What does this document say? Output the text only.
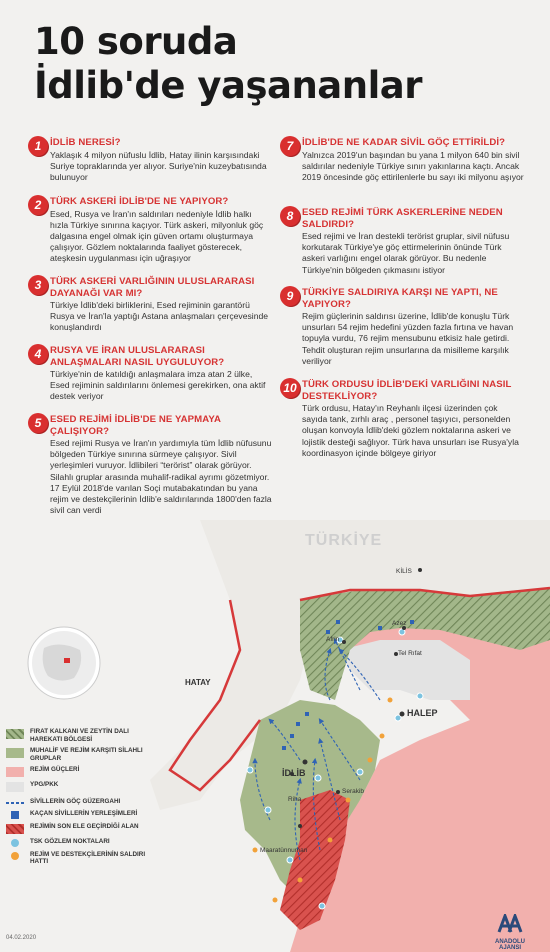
10 soruda
İdlib'de yaşananlar
1 İDLİB NERESİ?
Yaklaşık 4 milyon nüfuslu İdlib, Hatay ilinin karşısındaki Suriye topraklarında yer alıyor. Suriye'nin kuzeybatısında bulunuyor
2 TÜRK ASKERİ İDLİB'DE NE YAPIYOR?
Esed, Rusya ve İran'ın saldırıları nedeniyle İdlib halkı hızla Türkiye sınırına kaçıyor. Türk askeri, milyonluk göç dalgasına engel olmak için güven ortamı oluşturmaya çalışıyor. Gözlem noktalarında faaliyet gösterecek, ateşkesin uygulanması için uğraşıyor
3 TÜRK ASKERİ VARLIĞININ ULUSLARARASI DAYANAĞI VAR MI?
Türkiye İdlib'deki birliklerini, Esed rejiminin garantörü Rusya ve İran'la yaptığı Astana anlaşmaları çerçevesinde konuşlandırdı
4 RUSYA VE İRAN ULUSLARARASI ANLAŞMALARI NASIL UYGULUYOR?
Türkiye'nin de katıldığı anlaşmalara imza atan 2 ülke, Esed rejiminin saldırılarını önlemesi gerekirken, ona aktif destek veriyor
5 ESED REJİMİ İDLİB'DE NE YAPMAYA ÇALIŞIYOR?
Esed rejimi Rusya ve İran'ın yardımıyla tüm İdlib nüfusunu bölgeden Türkiye sınırına sürmeye çalışıyor. Sivil yerleşimleri vuruyor. İdlibileri “terörist” olarak görüyor. Silahlı gruplar arasında muhalif-radikal ayrımı gözetmiyor. 17 Eylül 2018'de varılan Soçi mutabakatından bu yana rejim ve destekçilerinin İdlib'e saldırılarında 1800'den fazla sivil can verdi
7 İDLİB'DE NE KADAR SİVİL GÖÇ ETTİRİLDİ?
Yalnızca 2019'un başından bu yana 1 milyon 640 bin sivil saldırılar nedeniyle Türkiye sınırı yakınlarına kaçtı. Ancak 2019 öncesinde göç ettirilenlerle bu sayı iki milyonu aşıyor
8 ESED REJİMİ TÜRK ASKERLERİNE NEDEN SALDIRDI?
Esed rejimi ve İran destekli terörist gruplar, sivil nüfusu korkutarak Türkiye'ye göç ettirmelerinin önünde Türk askeri varlığını engel olarak görüyor. Bu nedenle Türkiye'nin bölgeden çıkmasını istiyor
9 TÜRKİYE SALDIRIYA KARŞI NE YAPTI, NE YAPIYOR?
Rejim güçlerinin saldırısı üzerine, İdlib'de konuşlu Türk unsurları 54 rejim hedefini yüzden fazla fırtına ve havan topuyla vurdu, 76 rejim mensubunu etkisiz hale getirdi. Tehdit oluşturan rejim unsurlarına da misilleme karşılık veriliyor
10 TÜRK ORDUSU İDLİB'DEKİ VARLIĞINI NASIL DESTEKLİYOR?
Türk ordusu, Hatay'ın Reyhanlı ilçesi üzerinden çok sayıda tank, zırhlı araç , personel taşıyıcı, personelden oluşan konvoyla İdlib'deki gözlem noktalarına askeri ve lojistik desteği sağlıyor. Türk hava unsurları ise Rusya'yla koordinasyon içinde bölgeye giriyor
TÜRKİYE
KİLİS
Azez
Afrin
Tel Rıfat
HATAY
HALEP
İDLİB
Serakib
Riha
Maaratünnuman
FIRAT KALKANI VE ZEYTİN DALI HAREKATI BÖLGESİ
MUHALİF VE REJİM KARŞITI SİLAHLI GRUPLAR
REJİM GÜÇLERİ
YPG/PKK
SİVİLLERİN GÖÇ GÜZERGAHI
KAÇAN SİVİLLERİN YERLEŞİMLERİ
REJİMİN SON ELE GEÇİRDİĞİ ALAN
TSK GÖZLEM NOKTALARI
REJİM VE DESTEKÇİLERİNİN SALDIRI HATTI
04.02.2020
ANADOLU AJANSI
